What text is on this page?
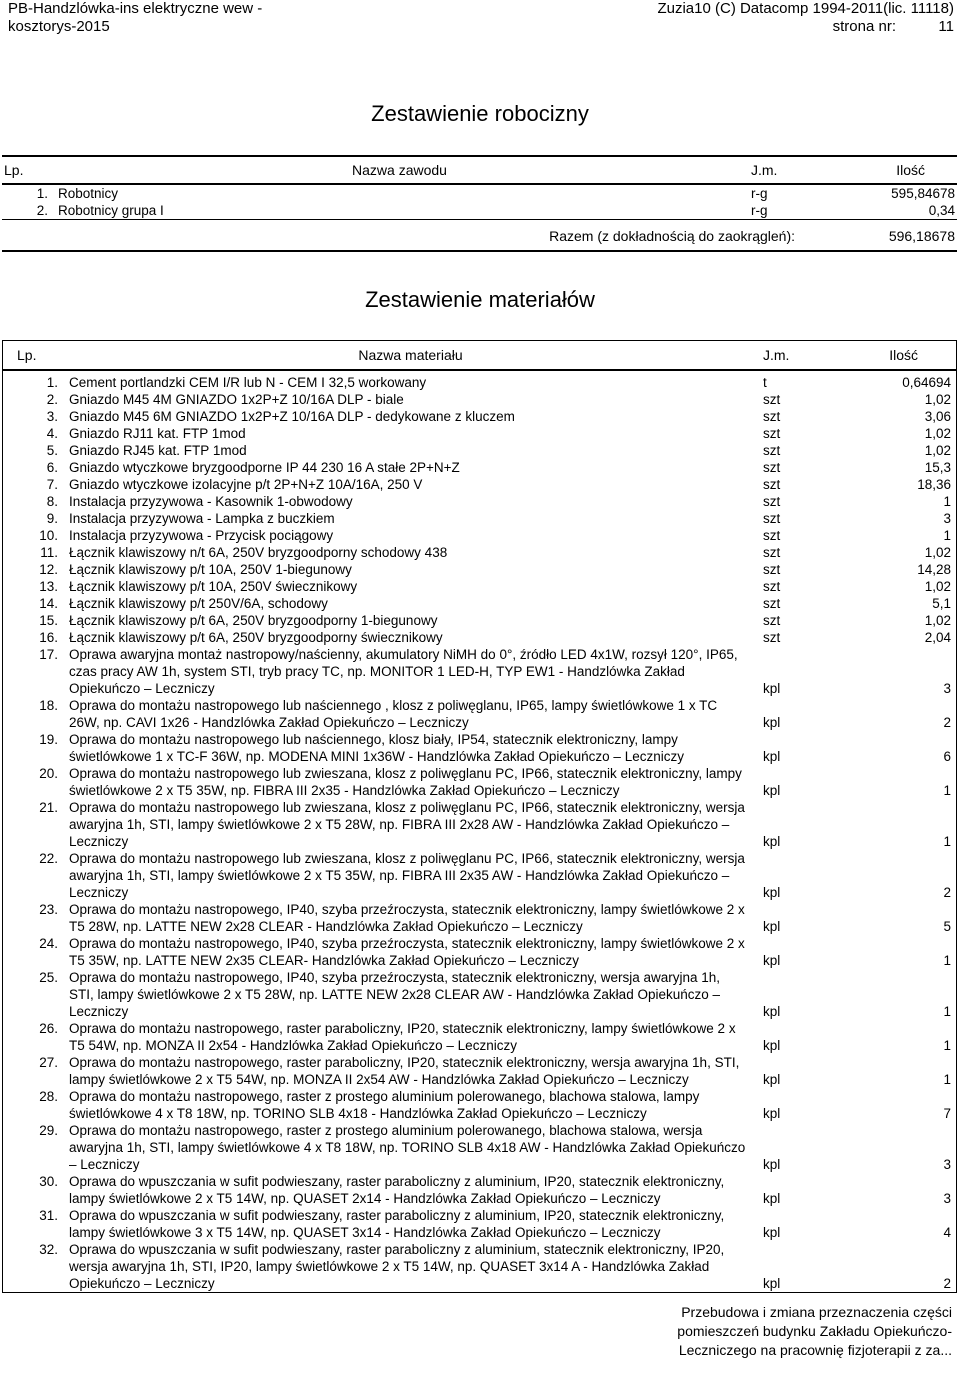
PB-Handzlówka-ins elektryczne wew -
kosztorys-2015
Zuzia10 (C) Datacomp 1994-2011(lic. 11118)
strona nr:	11
Zestawienie robocizny
Lp.	Nazwa zawodu	J.m.	Ilość
1.	Robotnicy	r-g	595,84678
2.	Robotnicy grupa I	r-g	0,34
Razem (z dokładnością do zaokrągleń):			596,18678
Zestawienie materiałów
Lp.	Nazwa materiału	J.m.	Ilość
1.	Cement portlandzki CEM I/R lub N - CEM I 32,5 workowany	t	0,64694
2.	Gniazdo M45 4M GNIAZDO 1x2P+Z 10/16A DLP - biale	szt	1,02
3.	Gniazdo M45 6M GNIAZDO 1x2P+Z 10/16A DLP - dedykowane z kluczem	szt	3,06
4.	Gniazdo RJ11 kat. FTP 1mod	szt	1,02
5.	Gniazdo RJ45 kat. FTP 1mod	szt	1,02
6.	Gniazdo wtyczkowe bryzgoodporne IP 44 230 16 A stałe 2P+N+Z	szt	15,3
7.	Gniazdo wtyczkowe izolacyjne p/t 2P+N+Z 10A/16A, 250 V	szt	18,36
8.	Instalacja przyzywowa - Kasownik 1-obwodowy	szt	1
9.	Instalacja przyzywowa - Lampka z buczkiem	szt	3
10.	Instalacja przyzywowa - Przycisk pociągowy	szt	1
11.	Łącznik klawiszowy n/t 6A, 250V bryzgoodporny schodowy 438	szt	1,02
12.	Łącznik klawiszowy p/t 10A, 250V 1-biegunowy	szt	14,28
13.	Łącznik klawiszowy p/t 10A, 250V świecznikowy	szt	1,02
14.	Łącznik klawiszowy p/t 250V/6A, schodowy	szt	5,1
15.	Łącznik klawiszowy p/t 6A, 250V bryzgoodporny 1-biegunowy	szt	1,02
16.	Łącznik klawiszowy p/t 6A, 250V bryzgoodporny świecznikowy	szt	2,04
17.	Oprawa awaryjna montaż nastropowy/naścienny, akumulatory NiMH do 0°, źródło LED 4x1W, rozsył 120°, IP65, czas pracy AW 1h, system STI, tryb pracy TC, np. MONITOR 1 LED-H, TYP EW1 - Handzlówka Zakład Opiekuńczo – Leczniczy	kpl	3
18.	Oprawa do montażu nastropowego lub naściennego , klosz z poliwęglanu, IP65, lampy świetlówkowe 1 x TC 26W, np. CAVI 1x26 - Handzlówka Zakład Opiekuńczo – Leczniczy	kpl	2
19.	Oprawa do montażu nastropowego lub naściennego, klosz biały, IP54, statecznik elektroniczny, lampy świetlówkowe 1 x TC-F 36W, np. MODENA MINI 1x36W - Handzlówka Zakład Opiekuńczo – Leczniczy	kpl	6
20.	Oprawa do montażu nastropowego lub zwieszana, klosz z poliwęglanu PC, IP66, statecznik elektroniczny, lampy świetlówkowe 2 x T5 35W, np. FIBRA III 2x35 - Handzlówka Zakład Opiekuńczo – Leczniczy	kpl	1
21.	Oprawa do montażu nastropowego lub zwieszana, klosz z poliwęglanu PC, IP66, statecznik elektroniczny, wersja awaryjna 1h, STI, lampy świetlówkowe 2 x T5 28W, np. FIBRA III 2x28 AW - Handzlówka Zakład Opiekuńczo – Leczniczy	kpl	1
22.	Oprawa do montażu nastropowego lub zwieszana, klosz z poliwęglanu PC, IP66, statecznik elektroniczny, wersja awaryjna 1h, STI, lampy świetlówkowe 2 x T5 35W, np. FIBRA III 2x35 AW - Handzlówka Zakład Opiekuńczo – Leczniczy	kpl	2
23.	Oprawa do montażu nastropowego, IP40, szyba przeźroczysta, statecznik elektroniczny, lampy świetlówkowe 2 x T5 28W, np. LATTE NEW 2x28 CLEAR - Handzlówka Zakład Opiekuńczo – Leczniczy	kpl	5
24.	Oprawa do montażu nastropowego, IP40, szyba przeźroczysta, statecznik elektroniczny, lampy świetlówkowe 2 x T5 35W, np. LATTE NEW 2x35 CLEAR- Handzlówka Zakład Opiekuńczo – Leczniczy	kpl	1
25.	Oprawa do montażu nastropowego, IP40, szyba przeźroczysta, statecznik elektroniczny, wersja awaryjna 1h, STI, lampy świetlówkowe 2 x T5 28W, np. LATTE NEW 2x28 CLEAR AW - Handzlówka Zakład Opiekuńczo – Leczniczy	kpl	1
26.	Oprawa do montażu nastropowego, raster paraboliczny, IP20, statecznik elektroniczny, lampy świetlówkowe 2 x T5 54W, np. MONZA II 2x54 - Handzlówka Zakład Opiekuńczo – Leczniczy	kpl	1
27.	Oprawa do montażu nastropowego, raster paraboliczny, IP20, statecznik elektroniczny, wersja awaryjna 1h, STI, lampy świetlówkowe 2 x T5 54W, np. MONZA II 2x54 AW - Handzlówka Zakład Opiekuńczo – Leczniczy	kpl	1
28.	Oprawa do montażu nastropowego, raster z prostego aluminium polerowanego, blachowa stalowa, lampy świetlówkowe 4 x T8 18W, np. TORINO SLB 4x18 - Handzlówka Zakład Opiekuńczo – Leczniczy	kpl	7
29.	Oprawa do montażu nastropowego, raster z prostego aluminium polerowanego, blachowa stalowa, wersja awaryjna 1h, STI, lampy świetlówkowe 4 x T8 18W, np. TORINO SLB 4x18 AW - Handzlówka Zakład Opiekuńczo – Leczniczy	kpl	3
30.	Oprawa do wpuszczania w sufit podwieszany, raster paraboliczny z aluminium, IP20, statecznik elektroniczny, lampy świetlówkowe 2 x T5 14W, np. QUASET 2x14 - Handzlówka Zakład Opiekuńczo – Leczniczy	kpl	3
31.	Oprawa do wpuszczania w sufit podwieszany, raster paraboliczny z aluminium, IP20, statecznik elektroniczny, lampy świetlówkowe 3 x T5 14W, np. QUASET 3x14 - Handzlówka Zakład Opiekuńczo – Leczniczy	kpl	4
32.	Oprawa do wpuszczania w sufit podwieszany, raster paraboliczny z aluminium, statecznik elektroniczny, IP20, wersja awaryjna 1h, STI, IP20, lampy świetlówkowe 2 x T5 14W, np. QUASET 3x14 A - Handzlówka Zakład Opiekuńczo – Leczniczy	kpl	2
Przebudowa i zmiana przeznaczenia części pomieszczeń budynku Zakładu Opiekuńczo-Leczniczego na pracownię fizjoterapii z za...
